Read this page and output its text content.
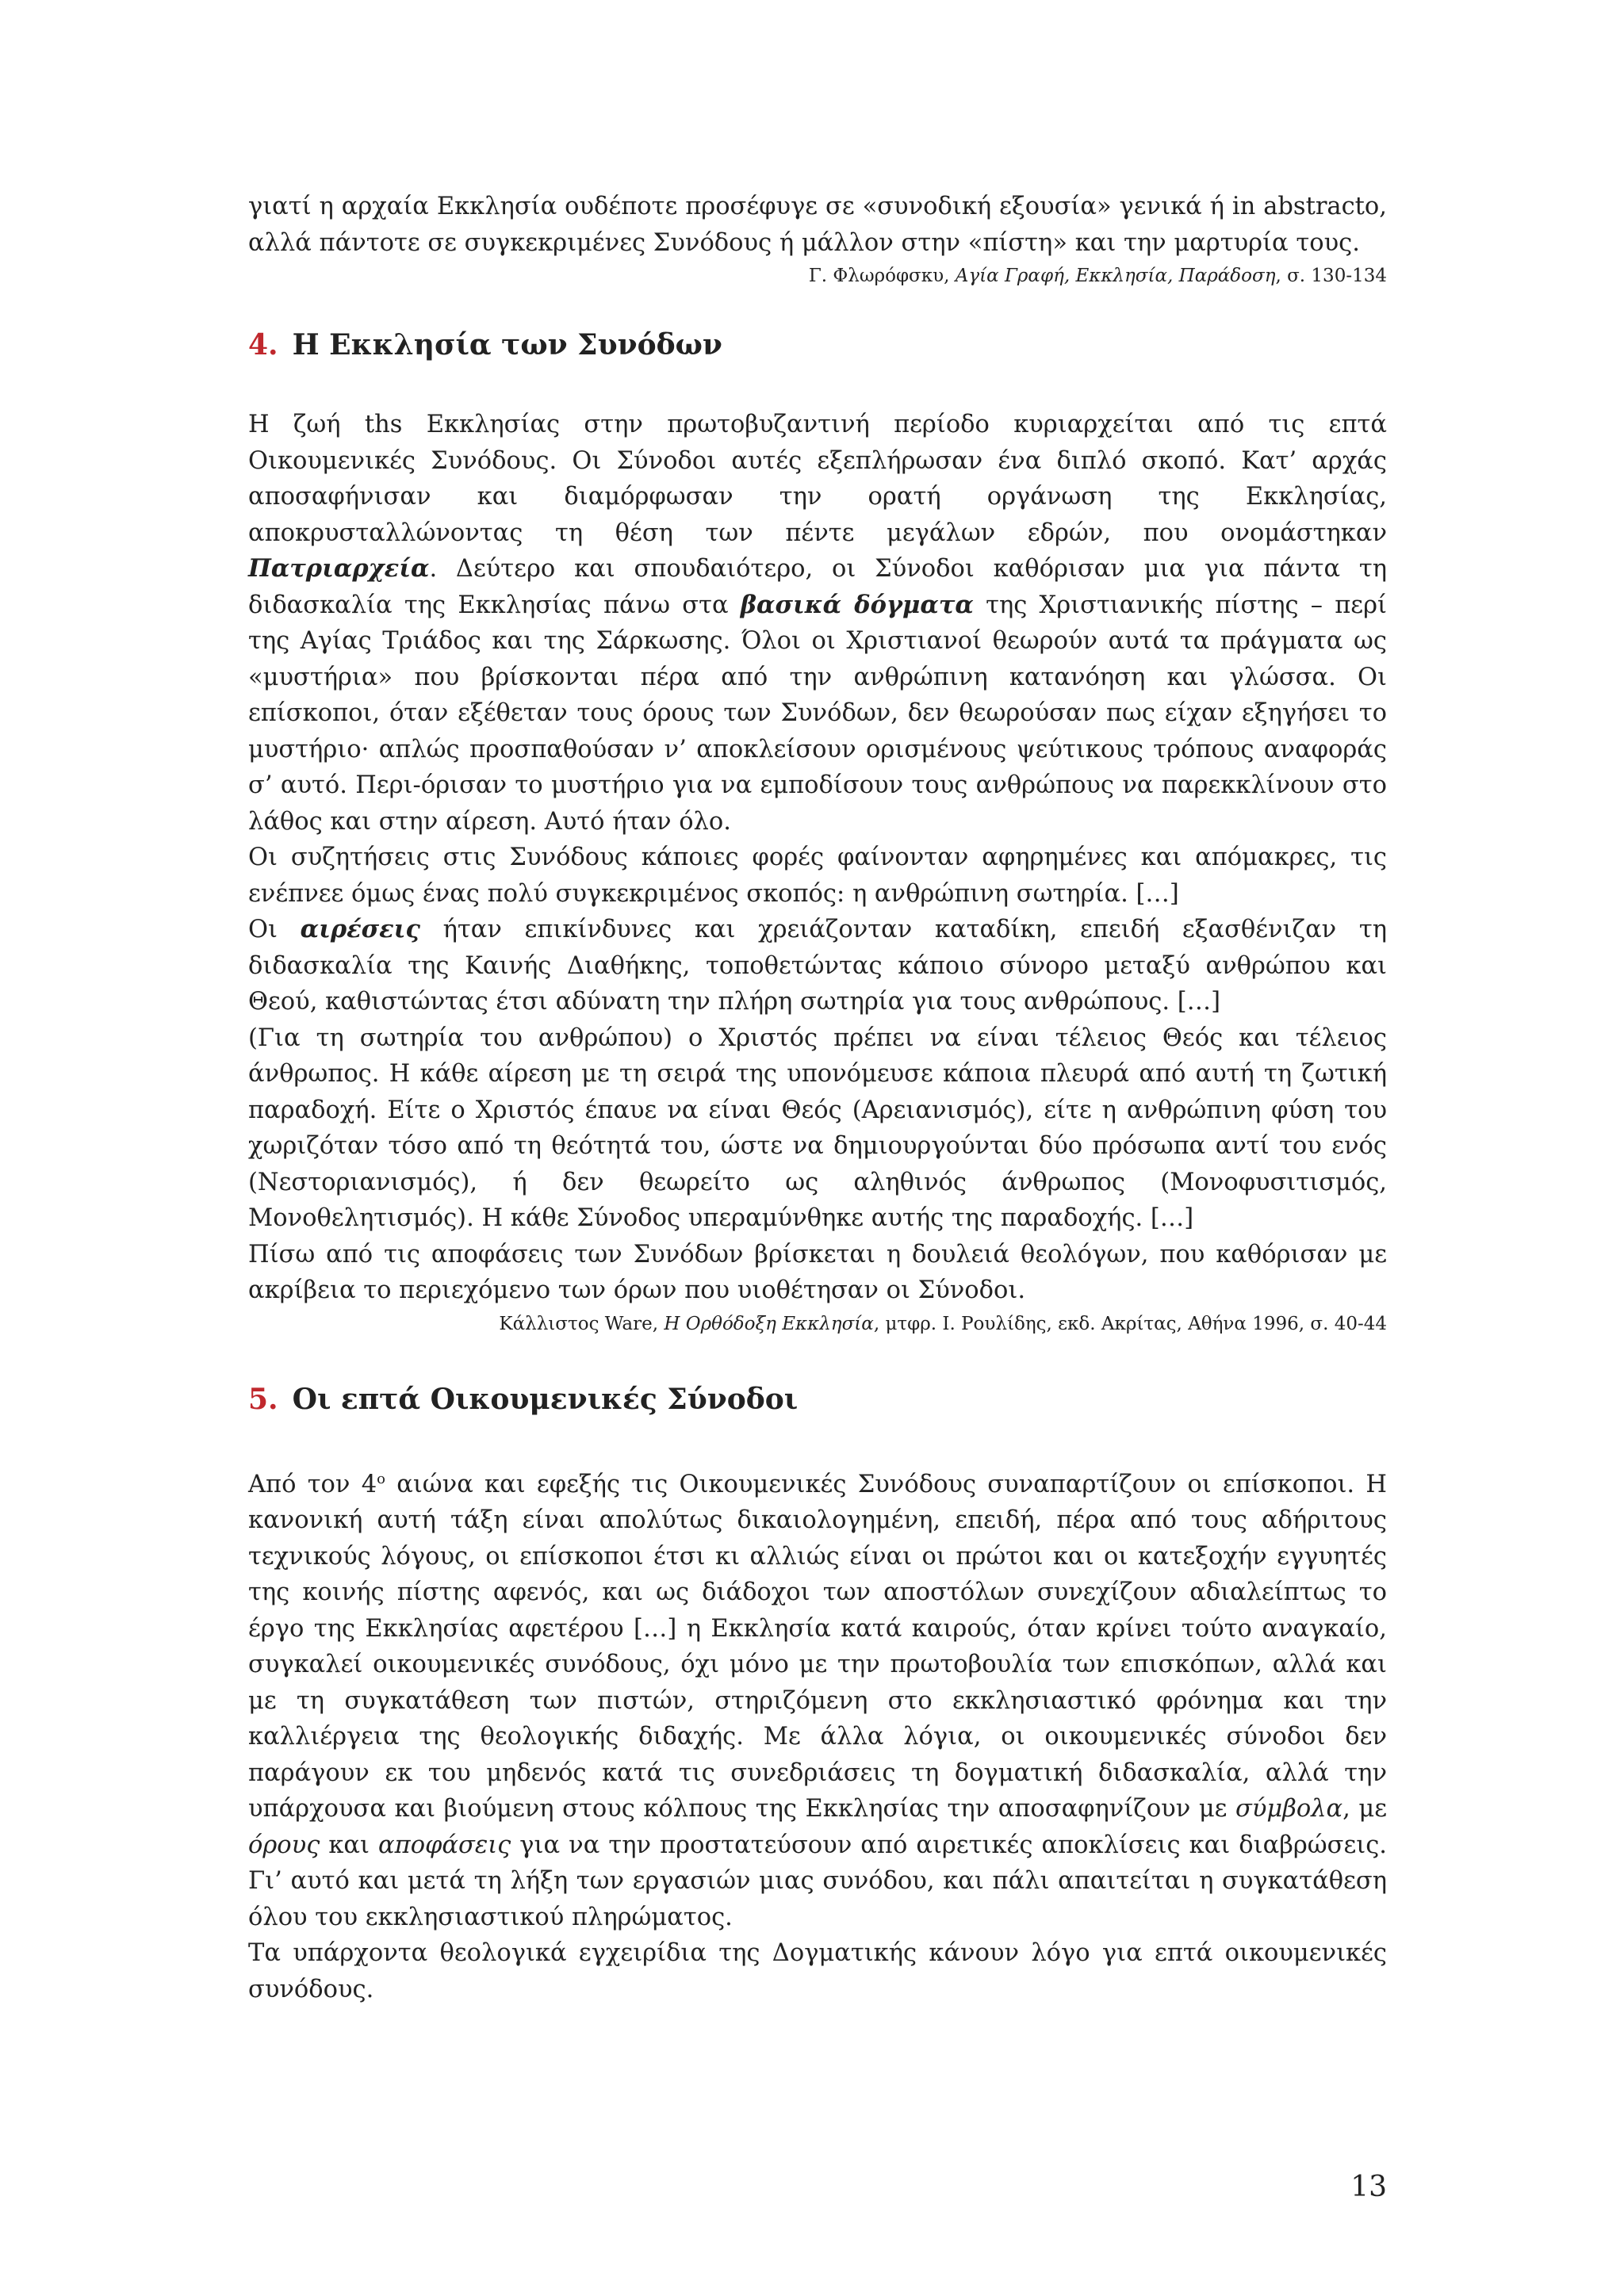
γιατί η αρχαία Εκκλησία ουδέποτε προσέφυγε σε «συνοδική εξουσία» γενικά ή in abstracto, αλλά πάντοτε σε συγκεκριμένες Συνόδους ή μάλλον στην «πίστη» και την μαρτυρία τους.

Γ. Φλωρόφσκυ, Αγία Γραφή, Εκκλησία, Παράδοση, σ. 130-134

4. Η Εκκλησία των Συνόδων

Η ζωή ths Εκκλησίας στην πρωτοβυζαντινή περίοδο κυριαρχείται από τις επτά Οικουμενικές Συνόδους. Οι Σύνοδοι αυτές εξεπλήρωσαν ένα διπλό σκοπό. Κατ’ αρχάς αποσαφήνισαν και διαμόρφωσαν την ορατή οργάνωση της Εκκλησίας, αποκρυσταλλώνοντας τη θέση των πέντε μεγάλων εδρών, που ονομάστηκαν Πατριαρχεία. Δεύτερο και σπουδαιότερο, οι Σύνοδοι καθόρισαν μια για πάντα τη διδασκαλία της Εκκλησίας πάνω στα βασικά δόγματα της Χριστιανικής πίστης – περί της Αγίας Τριάδος και της Σάρκωσης. Όλοι οι Χριστιανοί θεωρούν αυτά τα πράγματα ως «μυστήρια» που βρίσκονται πέρα από την ανθρώπινη κατανόηση και γλώσσα. Οι επίσκοποι, όταν εξέθεταν τους όρους των Συνόδων, δεν θεωρούσαν πως είχαν εξηγήσει το μυστήριο· απλώς προσπαθούσαν ν’ αποκλείσουν ορισμένους ψεύτικους τρόπους αναφοράς σ’ αυτό. Περι-όρισαν το μυστήριο για να εμποδίσουν τους ανθρώπους να παρεκκλίνουν στο λάθος και στην αίρεση. Αυτό ήταν όλο.

Οι συζητήσεις στις Συνόδους κάποιες φορές φαίνονταν αφηρημένες και απόμακρες, τις ενέπνεε όμως ένας πολύ συγκεκριμένος σκοπός: η ανθρώπινη σωτηρία. […]

Οι αιρέσεις ήταν επικίνδυνες και χρειάζονταν καταδίκη, επειδή εξασθένιζαν τη διδασκαλία της Καινής Διαθήκης, τοποθετώντας κάποιο σύνορο μεταξύ ανθρώπου και Θεού, καθιστώντας έτσι αδύνατη την πλήρη σωτηρία για τους ανθρώπους. […]

(Για τη σωτηρία του ανθρώπου) ο Χριστός πρέπει να είναι τέλειος Θεός και τέλειος άνθρωπος. Η κάθε αίρεση με τη σειρά της υπονόμευσε κάποια πλευρά από αυτή τη ζωτική παραδοχή. Είτε ο Χριστός έπαυε να είναι Θεός (Αρειανισμός), είτε η ανθρώπινη φύση του χωριζόταν τόσο από τη θεότητά του, ώστε να δημιουργούνται δύο πρόσωπα αντί του ενός (Νεστοριανισμός), ή δεν θεωρείτο ως αληθινός άνθρωπος (Μονοφυσιτισμός, Μονοθελητισμός). Η κάθε Σύνοδος υπεραμύνθηκε αυτής της παραδοχής. […]

Πίσω από τις αποφάσεις των Συνόδων βρίσκεται η δουλειά θεολόγων, που καθόρισαν με ακρίβεια το περιεχόμενο των όρων που υιοθέτησαν οι Σύνοδοι.

Κάλλιστος Ware, Η Ορθόδοξη Εκκλησία, μτφρ. Ι. Ρουλίδης, εκδ. Ακρίτας, Αθήνα 1996, σ. 40-44

5. Οι επτά Οικουμενικές Σύνοδοι

Από τον $4^o$ αιώνα και εφεξής τις Οικουμενικές Συνόδους συναπαρτίζουν οι επίσκοποι. Η κανονική αυτή τάξη είναι απολύτως δικαιολογημένη, επειδή, πέρα από τους αδήριτους τεχνικούς λόγους, οι επίσκοποι έτσι κι αλλιώς είναι οι πρώτοι και οι κατεξοχήν εγγυητές της κοινής πίστης αφενός, και ως διάδοχοι των αποστόλων συνεχίζουν αδιαλείπτως το έργο της Εκκλησίας αφετέρου […] η Εκκλησία κατά καιρούς, όταν κρίνει τούτο αναγκαίο, συγκαλεί οικουμενικές συνόδους, όχι μόνο με την πρωτοβουλία των επισκόπων, αλλά και με τη συγκατάθεση των πιστών, στηριζόμενη στο εκκλησιαστικό φρόνημα και την καλλιέργεια της θεολογικής διδαχής. Με άλλα λόγια, οι οικουμενικές σύνοδοι δεν παράγουν εκ του μηδενός κατά τις συνεδριάσεις τη δογματική διδασκαλία, αλλά την υπάρχουσα και βιούμενη στους κόλπους της Εκκλησίας την αποσαφηνίζουν με σύμβολα, με όρους και αποφάσεις για να την προστατεύσουν από αιρετικές αποκλίσεις και διαβρώσεις. Γι’ αυτό και μετά τη λήξη των εργασιών μιας συνόδου, και πάλι απαιτείται η συγκατάθεση όλου του εκκλησιαστικού πληρώματος.

Τα υπάρχοντα θεολογικά εγχειρίδια της Δογματικής κάνουν λόγο για επτά οικουμενικές συνόδους.

13
